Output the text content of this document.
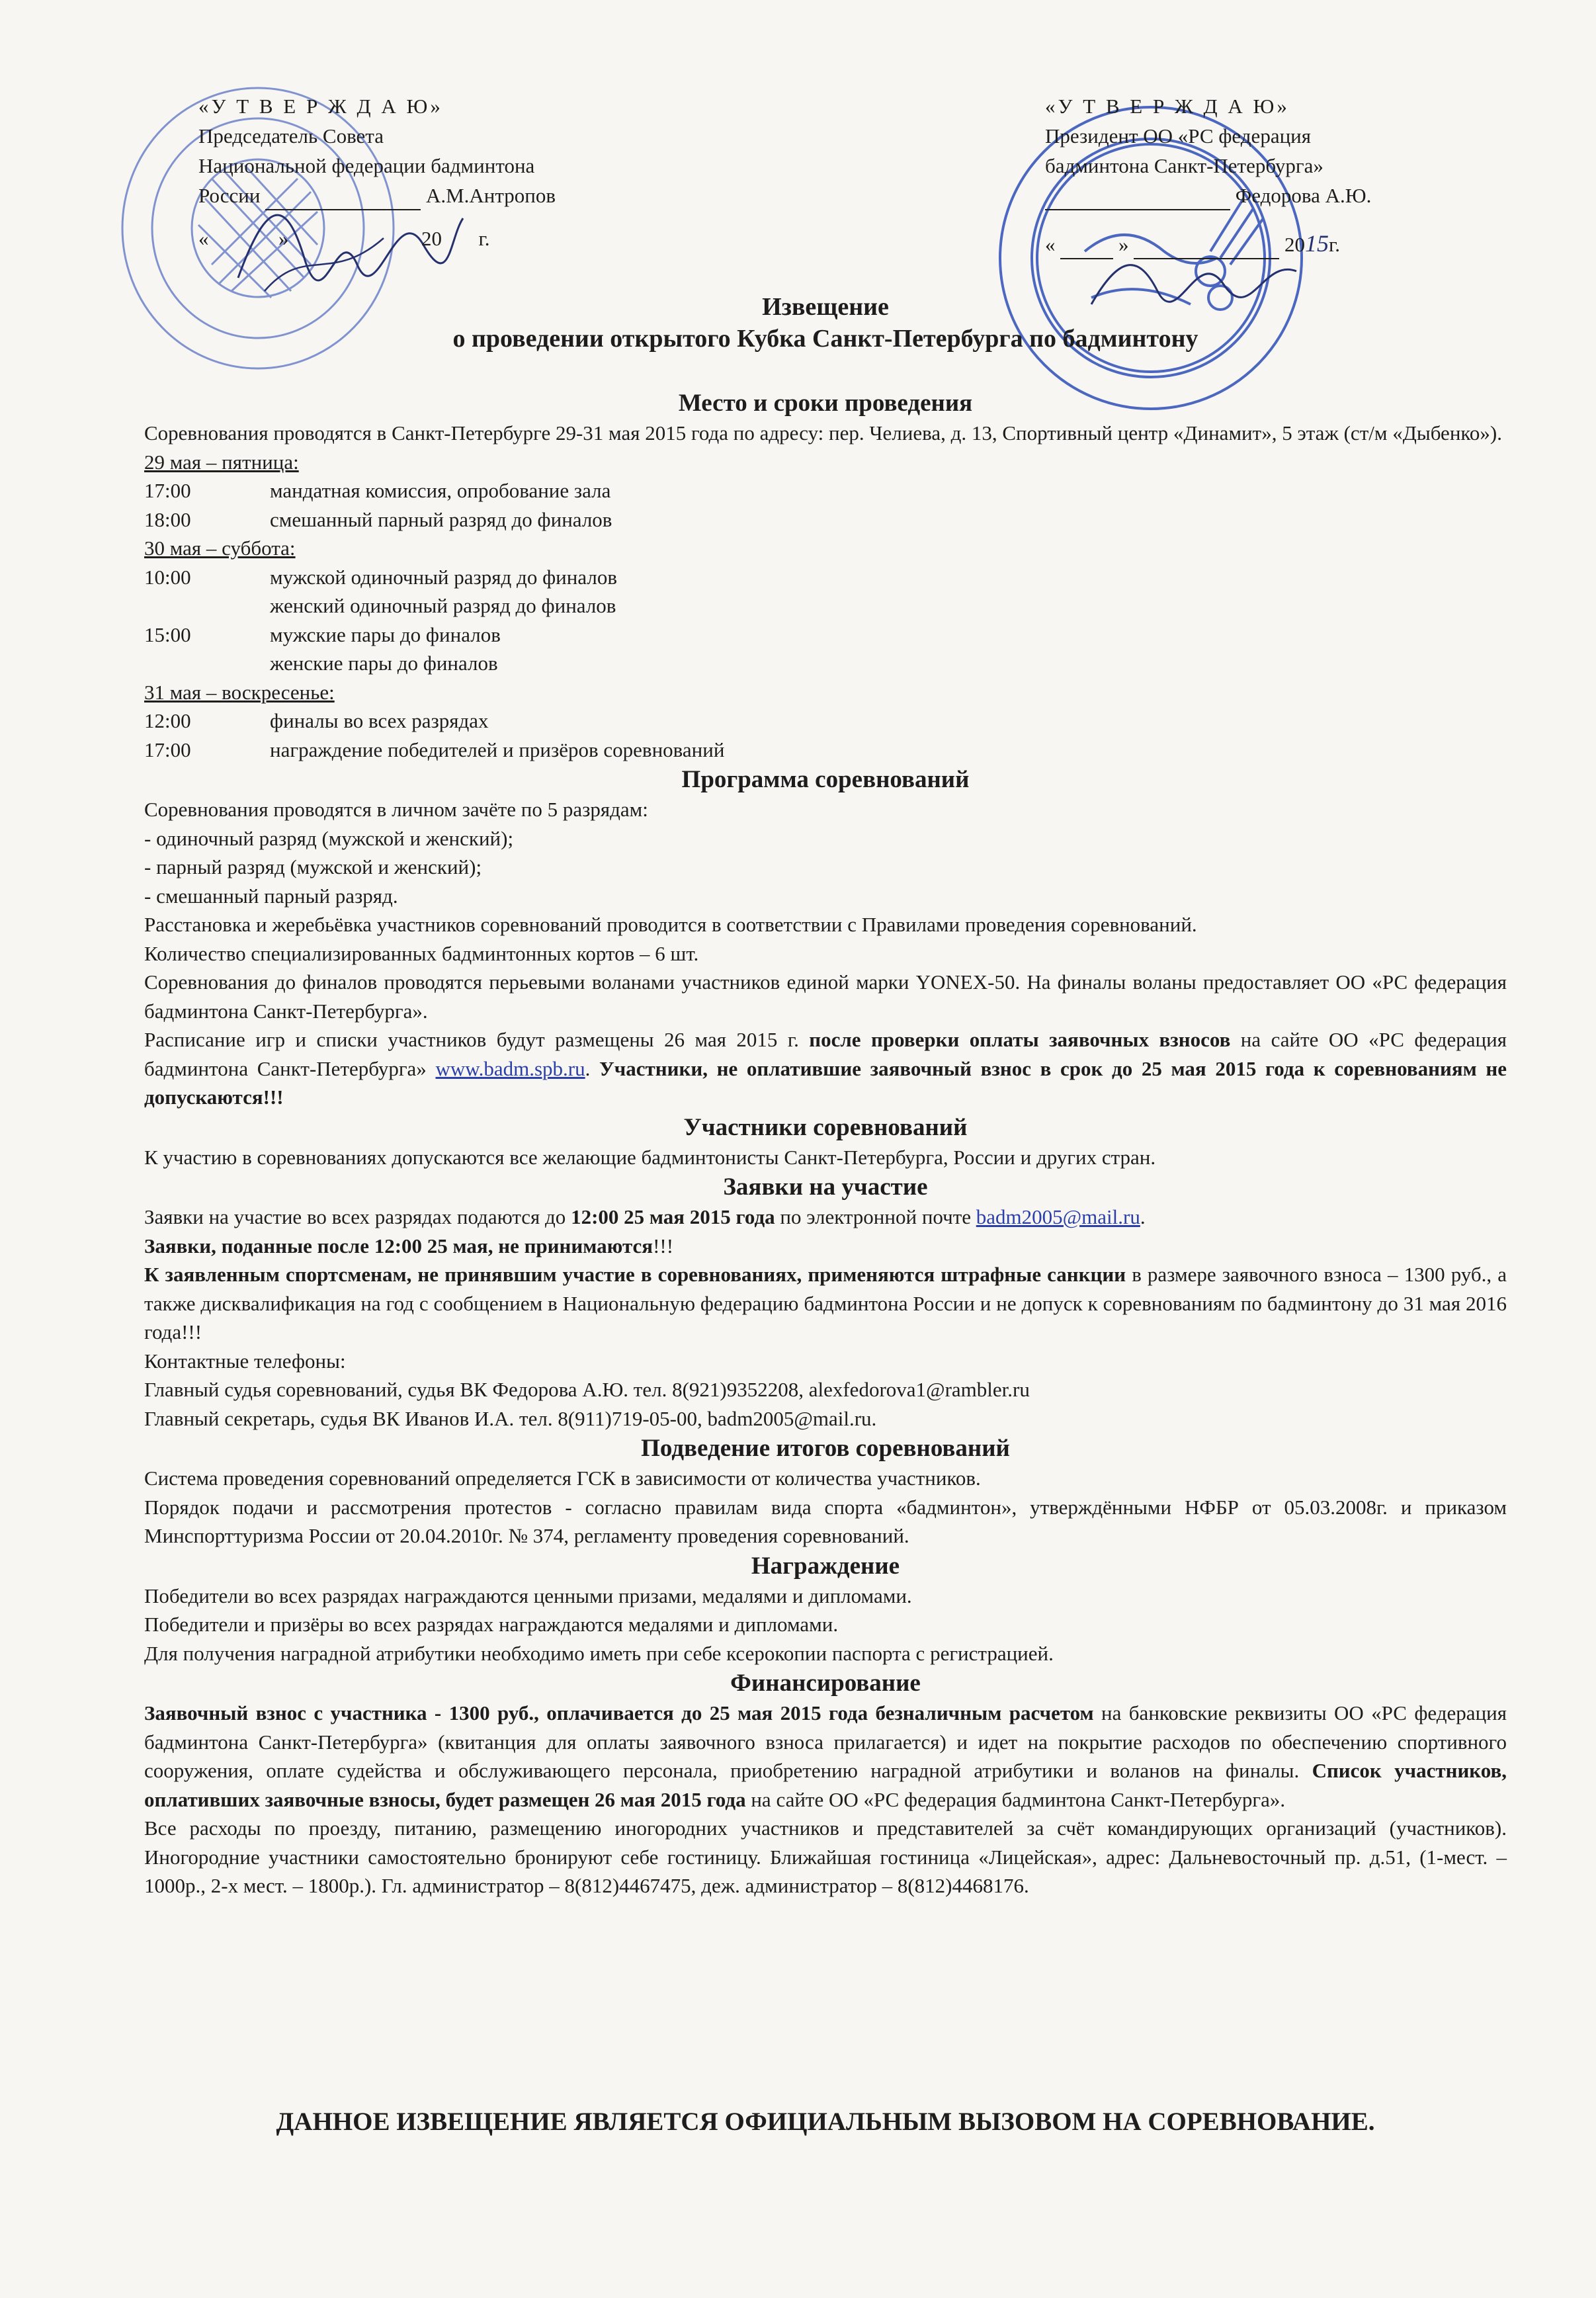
«У Т В Е Р Ж Д А Ю»
Председатель Совета
Национальной федерации бадминтона
России	А.М.Антропов
«	»	20 г.
«У Т В Е Р Ж Д А Ю»
Президент ОО «РС федерация
бадминтона Санкт-Петербурга»
Федорова А.Ю.
«	»	2015г.
Извещение
о проведении открытого Кубка Санкт-Петербурга по бадминтону
Место и сроки проведения

Соревнования проводятся в Санкт-Петербурге 29-31 мая 2015 года по адресу: пер. Челиева, д. 13, Спортивный центр «Динамит», 5 этаж (ст/м «Дыбенко»).

29 мая – пятница:
17:00	мандатная комиссия, опробование зала
18:00	смешанный парный разряд до финалов
30 мая – суббота:
10:00	мужской одиночный разряд до финалов
женский одиночный разряд до финалов
15:00	мужские пары до финалов
женские пары до финалов
31 мая – воскресенье:
12:00	финалы во всех разрядах
17:00	награждение победителей и призёров соревнований
Программа соревнований
Соревнования проводятся в личном зачёте по 5 разрядам:
- одиночный разряд (мужской и женский);
- парный разряд (мужской и женский);
- смешанный парный разряд.

Расстановка и жеребьёвка участников соревнований проводится в соответствии с Правилами проведения соревнований.

Количество специализированных бадминтонных кортов – 6 шт.

Соревнования до финалов проводятся перьевыми воланами участников единой марки YONEX-50. На финалы воланы предоставляет ОО «РС федерация бадминтона Санкт-Петербурга».

Расписание игр и списки участников будут размещены 26 мая 2015 г. после проверки оплаты заявочных взносов на сайте ОО «РС федерация бадминтона Санкт-Петербурга» www.badm.spb.ru. Участники, не оплатившие заявочный взнос в срок до 25 мая 2015 года к соревнованиям не допускаются!!!

Участники соревнований

К участию в соревнованиях допускаются все желающие бадминтонисты Санкт-Петербурга, России и других стран.

Заявки на участие

Заявки на участие во всех разрядах подаются до 12:00 25 мая 2015 года по электронной почте badm2005@mail.ru.

Заявки, поданные после 12:00 25 мая, не принимаются!!!

К заявленным спортсменам, не принявшим участие в соревнованиях, применяются штрафные санкции в размере заявочного взноса – 1300 руб., а также дисквалификация на год с сообщением в Национальную федерацию бадминтона России и не допуск к соревнованиям по бадминтону до 31 мая 2016 года!!!

Контактные телефоны:
Главный судья соревнований, судья ВК Федорова А.Ю. тел. 8(921)9352208, alexfedorova1@rambler.ru
Главный секретарь, судья ВК Иванов И.А. тел. 8(911)719-05-00, badm2005@mail.ru.
Подведение итогов соревнований

Система проведения соревнований определяется ГСК в зависимости от количества участников.

Порядок подачи и рассмотрения протестов - согласно правилам вида спорта «бадминтон», утверждёнными НФБР от 05.03.2008г. и приказом Минспорттуризма России от 20.04.2010г. № 374, регламенту проведения соревнований.

Награждение
Победители во всех разрядах награждаются ценными призами, медалями и дипломами.
Победители и призёры во всех разрядах награждаются медалями и дипломами.
Для получения наградной атрибутики необходимо иметь при себе ксерокопии паспорта с регистрацией.
Финансирование

Заявочный взнос с участника - 1300 руб., оплачивается до 25 мая 2015 года безналичным расчетом на банковские реквизиты ОО «РС федерация бадминтона Санкт-Петербурга» (квитанция для оплаты заявочного взноса прилагается) и идет на покрытие расходов по обеспечению спортивного сооружения, оплате судейства и обслуживающего персонала, приобретению наградной атрибутики и воланов на финалы. Список участников, оплативших заявочные взносы, будет размещен 26 мая 2015 года на сайте ОО «РС федерация бадминтона Санкт-Петербурга».

Все расходы по проезду, питанию, размещению иногородних участников и представителей за счёт командирующих организаций (участников). Иногородние участники самостоятельно бронируют себе гостиницу. Ближайшая гостиница «Лицейская», адрес: Дальневосточный пр. д.51, (1-мест. – 1000р., 2-х мест. – 1800р.). Гл. администратор – 8(812)4467475, деж. администратор – 8(812)4468176.

ДАННОЕ ИЗВЕЩЕНИЕ ЯВЛЯЕТСЯ ОФИЦИАЛЬНЫМ ВЫЗОВОМ НА СОРЕВНОВАНИЕ.
